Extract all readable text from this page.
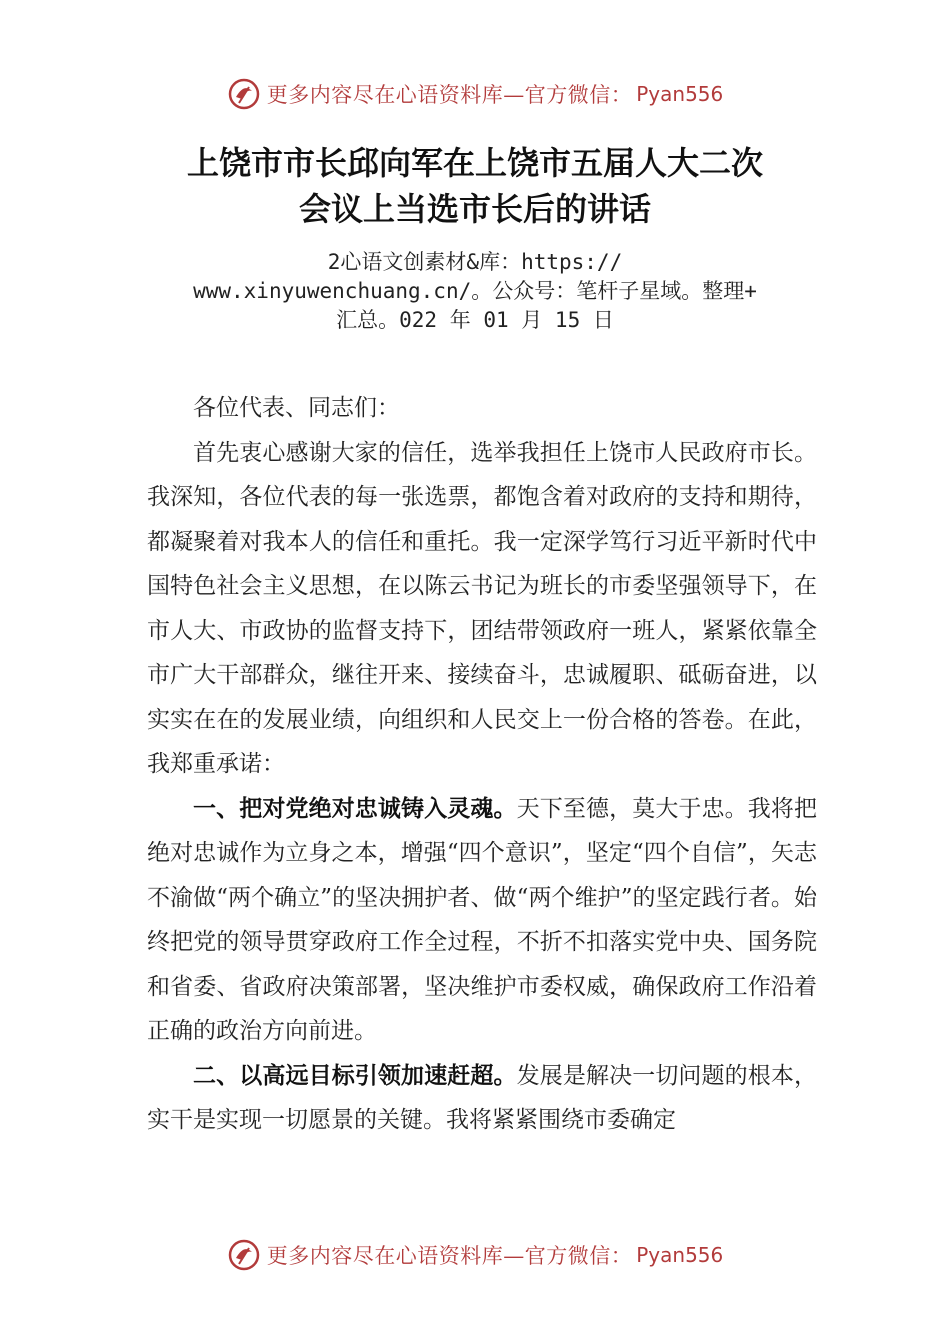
更多内容尽在心语资料库—官方微信： Pyan556
上饶市市长邱向军在上饶市五届人大二次
会议上当选市长后的讲话
2心语文创素材&库：https://
www.xinyuwenchuang.cn/。公众号：笔杆子星域。整理+
汇总。022 年 01 月 15 日

各位代表、同志们：

首先衷心感谢大家的信任，选举我担任上饶市人民政府市长。我深知，各位代表的每一张选票，都饱含着对政府的支持和期待，都凝聚着对我本人的信任和重托。我一定深学笃行习近平新时代中国特色社会主义思想，在以陈云书记为班长的市委坚强领导下，在市人大、市政协的监督支持下，团结带领政府一班人，紧紧依靠全市广大干部群众，继往开来、接续奋斗，忠诚履职、砥砺奋进，以实实在在的发展业绩，向组织和人民交上一份合格的答卷。在此，我郑重承诺：

一、把对党绝对忠诚铸入灵魂。天下至德，莫大于忠。我将把绝对忠诚作为立身之本，增强“四个意识”，坚定“四个自信”，矢志不渝做“两个确立”的坚决拥护者、做“两个维护”的坚定践行者。始终把党的领导贯穿政府工作全过程，不折不扣落实党中央、国务院和省委、省政府决策部署，坚决维护市委权威，确保政府工作沿着正确的政治方向前进。

二、以高远目标引领加速赶超。发展是解决一切问题的根本，实干是实现一切愿景的关键。我将紧紧围绕市委确定

更多内容尽在心语资料库—官方微信： Pyan556
